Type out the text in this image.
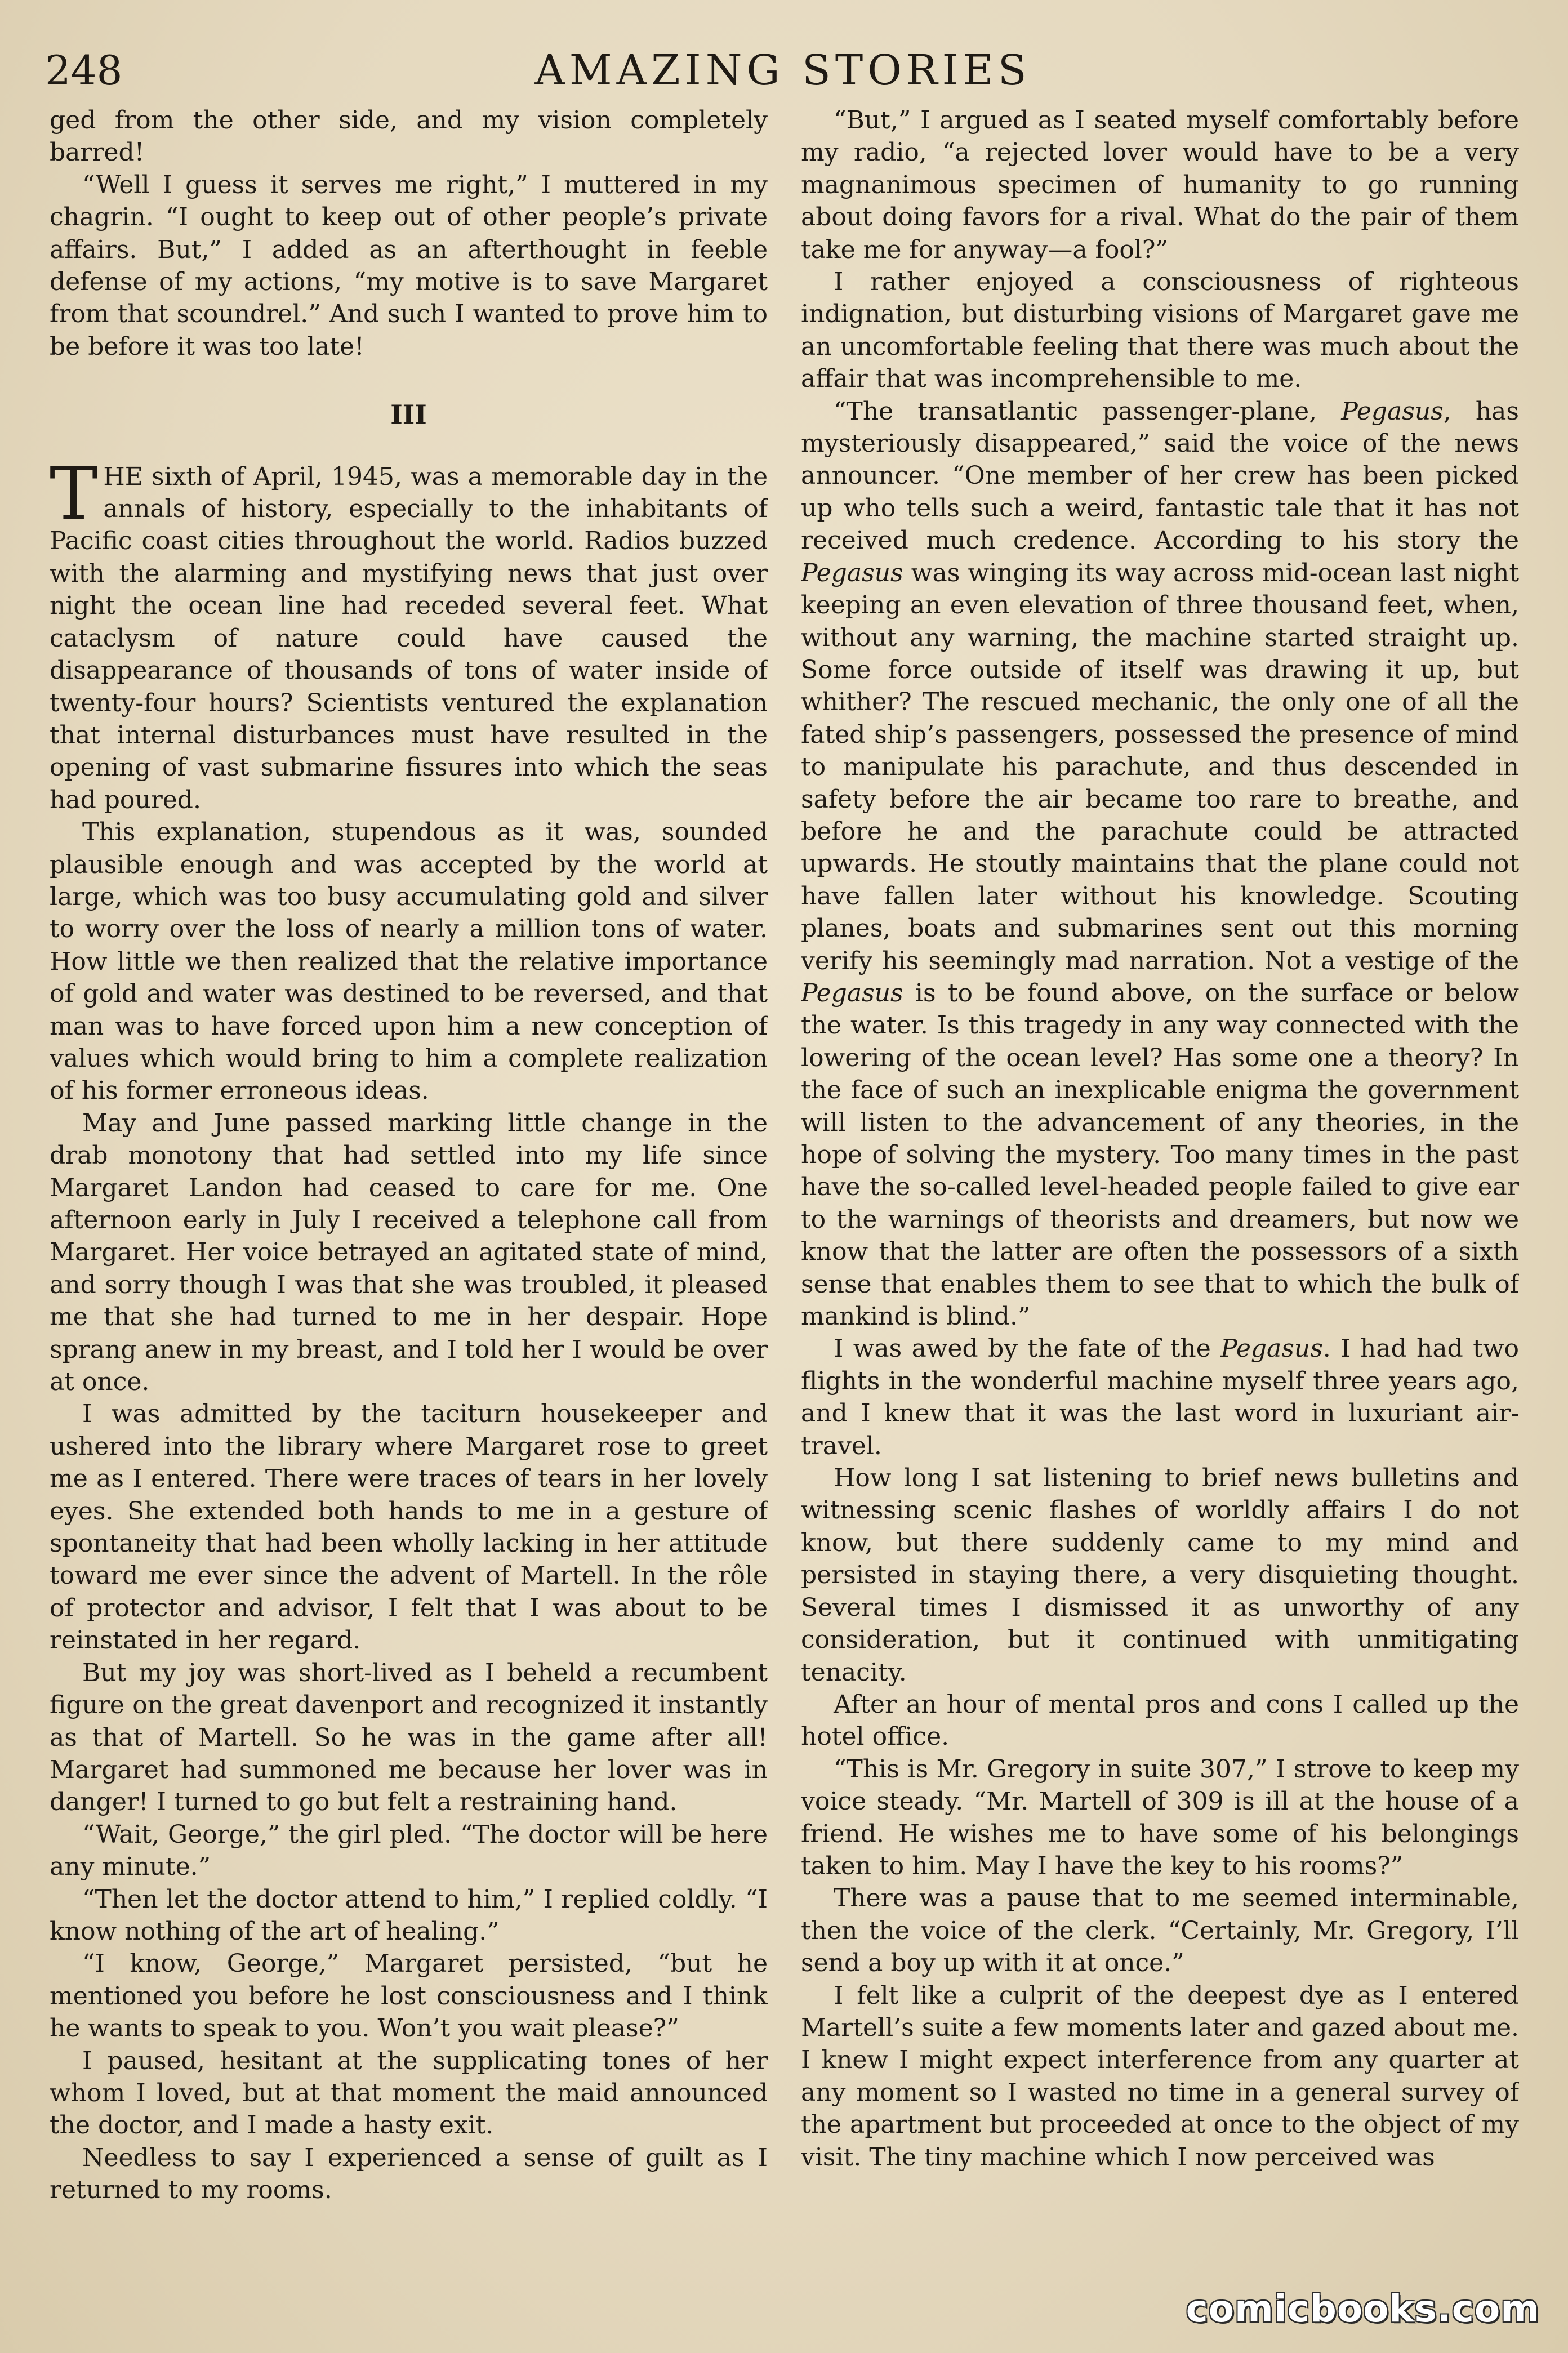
248	AMAZING STORIES

ged from the other side, and my vision completely barred!

“Well I guess it serves me right,” I muttered in my chagrin. “I ought to keep out of other people’s private affairs. But,” I added as an afterthought in feeble defense of my actions, “my motive is to save Margaret from that scoundrel.” And such I wanted to prove him to be before it was too late!

III

THE sixth of April, 1945, was a memorable day in the annals of history, especially to the inhabitants of Pacific coast cities throughout the world. Radios buzzed with the alarming and mystifying news that just over night the ocean line had receded several feet. What cataclysm of nature could have caused the disappearance of thousands of tons of water inside of twenty-four hours? Scientists ventured the explanation that internal disturbances must have resulted in the opening of vast submarine fissures into which the seas had poured.

This explanation, stupendous as it was, sounded plausible enough and was accepted by the world at large, which was too busy accumulating gold and silver to worry over the loss of nearly a million tons of water. How little we then realized that the relative importance of gold and water was destined to be reversed, and that man was to have forced upon him a new conception of values which would bring to him a complete realization of his former erroneous ideas.

May and June passed marking little change in the drab monotony that had settled into my life since Margaret Landon had ceased to care for me. One afternoon early in July I received a telephone call from Margaret. Her voice betrayed an agitated state of mind, and sorry though I was that she was troubled, it pleased me that she had turned to me in her despair. Hope sprang anew in my breast, and I told her I would be over at once.

I was admitted by the taciturn housekeeper and ushered into the library where Margaret rose to greet me as I entered. There were traces of tears in her lovely eyes. She extended both hands to me in a gesture of spontaneity that had been wholly lacking in her attitude toward me ever since the advent of Martell. In the rôle of protector and advisor, I felt that I was about to be reinstated in her regard.

But my joy was short-lived as I beheld a recumbent figure on the great davenport and recognized it instantly as that of Martell. So he was in the game after all! Margaret had summoned me because her lover was in danger! I turned to go but felt a restraining hand.

“Wait, George,” the girl pled. “The doctor will be here any minute.”

“Then let the doctor attend to him,” I replied coldly. “I know nothing of the art of healing.”

“I know, George,” Margaret persisted, “but he mentioned you before he lost consciousness and I think he wants to speak to you. Won’t you wait please?”

I paused, hesitant at the supplicating tones of her whom I loved, but at that moment the maid announced the doctor, and I made a hasty exit.

Needless to say I experienced a sense of guilt as I returned to my rooms.

“But,” I argued as I seated myself comfortably before my radio, “a rejected lover would have to be a very magnanimous specimen of humanity to go running about doing favors for a rival. What do the pair of them take me for anyway—a fool?”

I rather enjoyed a consciousness of righteous indignation, but disturbing visions of Margaret gave me an uncomfortable feeling that there was much about the affair that was incomprehensible to me.

“The transatlantic passenger-plane, Pegasus, has mysteriously disappeared,” said the voice of the news announcer. “One member of her crew has been picked up who tells such a weird, fantastic tale that it has not received much credence. According to his story the Pegasus was winging its way across mid-ocean last night keeping an even elevation of three thousand feet, when, without any warning, the machine started straight up. Some force outside of itself was drawing it up, but whither? The rescued mechanic, the only one of all the fated ship’s passengers, possessed the presence of mind to manipulate his parachute, and thus descended in safety before the air became too rare to breathe, and before he and the parachute could be attracted upwards. He stoutly maintains that the plane could not have fallen later without his knowledge. Scouting planes, boats and submarines sent out this morning verify his seemingly mad narration. Not a vestige of the Pegasus is to be found above, on the surface or below the water. Is this tragedy in any way connected with the lowering of the ocean level? Has some one a theory? In the face of such an inexplicable enigma the government will listen to the advancement of any theories, in the hope of solving the mystery. Too many times in the past have the so-called level-headed people failed to give ear to the warnings of theorists and dreamers, but now we know that the latter are often the possessors of a sixth sense that enables them to see that to which the bulk of mankind is blind.”

I was awed by the fate of the Pegasus. I had had two flights in the wonderful machine myself three years ago, and I knew that it was the last word in luxuriant air-travel.

How long I sat listening to brief news bulletins and witnessing scenic flashes of worldly affairs I do not know, but there suddenly came to my mind and persisted in staying there, a very disquieting thought. Several times I dismissed it as unworthy of any consideration, but it continued with unmitigating tenacity.

After an hour of mental pros and cons I called up the hotel office.

“This is Mr. Gregory in suite 307,” I strove to keep my voice steady. “Mr. Martell of 309 is ill at the house of a friend. He wishes me to have some of his belongings taken to him. May I have the key to his rooms?”

There was a pause that to me seemed interminable, then the voice of the clerk. “Certainly, Mr. Gregory, I’ll send a boy up with it at once.”

I felt like a culprit of the deepest dye as I entered Martell’s suite a few moments later and gazed about me. I knew I might expect interference from any quarter at any moment so I wasted no time in a general survey of the apartment but proceeded at once to the object of my visit. The tiny machine which I now perceived was

comicbooks.com
